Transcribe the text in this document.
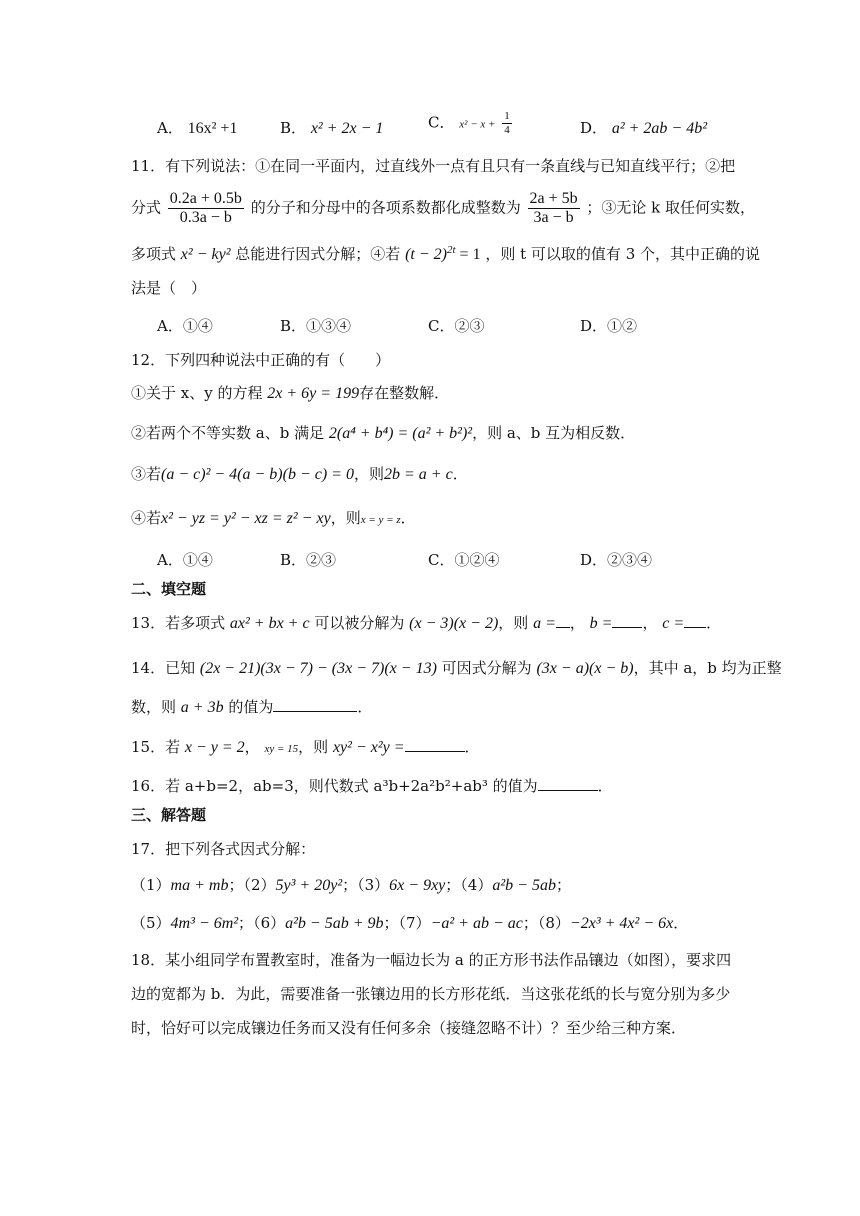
A． 16x² +1	B． x² + 2x − 1	C． $x^2 - x + \frac{1}{4}$	D． a² + 2ab − 4b²
11．有下列说法：①在同一平面内，过直线外一点有且只有一条直线与已知直线平行；②把
分式 $\frac{0.2a + 0.5b}{0.3a - b}$ 的分子和分母中的各项系数都化成整数为 $\frac{2a + 5b}{3a - b}$ ；③无论 k 取任何实数，
多项式 x² − ky² 总能进行因式分解；④若 $(t - 2)^{2t} = 1$ ，则 t 可以取的值有 3 个，其中正确的说
法是（　）
A．①④	B．①③④	C．②③	D．①②
12．下列四种说法中正确的有（　　）
①关于 x、y 的方程 2x + 6y = 199存在整数解．
②若两个不等实数 a、b 满足 2(a⁴ + b⁴) = (a² + b²)²，则 a、b 互为相反数．
③若(a − c)² − 4(a − b)(b − c) = 0，则2b = a + c．
④若x² − yz = y² − xz = z² − xy，则x = y = z．
A．①④	B．②③	C．①②④	D．②③④
二、填空题
13．若多项式 ax² + bx + c 可以被分解为 (x − 3)(x − 2)，则 a = ， b = ， c = ．
14．已知 (2x − 21)(3x − 7) − (3x − 7)(x − 13) 可因式分解为 (3x − a)(x − b)，其中 a，b 均为正整
数，则 a + 3b 的值为	．
15．若 x − y = 2， xy = 15，则 xy² − x²y =	．
16．若 a+b=2，ab=3，则代数式 a³b+2a²b²+ab³ 的值为	．
三、解答题
17．把下列各式因式分解：
（1）ma + mb；（2）5y³ + 20y²；（3）6x − 9xy；（4）a²b − 5ab；
（5）4m³ − 6m²；（6）a²b − 5ab + 9b；（7）−a² + ab − ac；（8）−2x³ + 4x² − 6x．
18．某小组同学布置教室时，准备为一幅边长为 a 的正方形书法作品镶边（如图），要求四
边的宽都为 b．为此，需要准备一张镶边用的长方形花纸．当这张花纸的长与宽分别为多少
时，恰好可以完成镶边任务而又没有任何多余（接缝忽略不计）？至少给三种方案．
